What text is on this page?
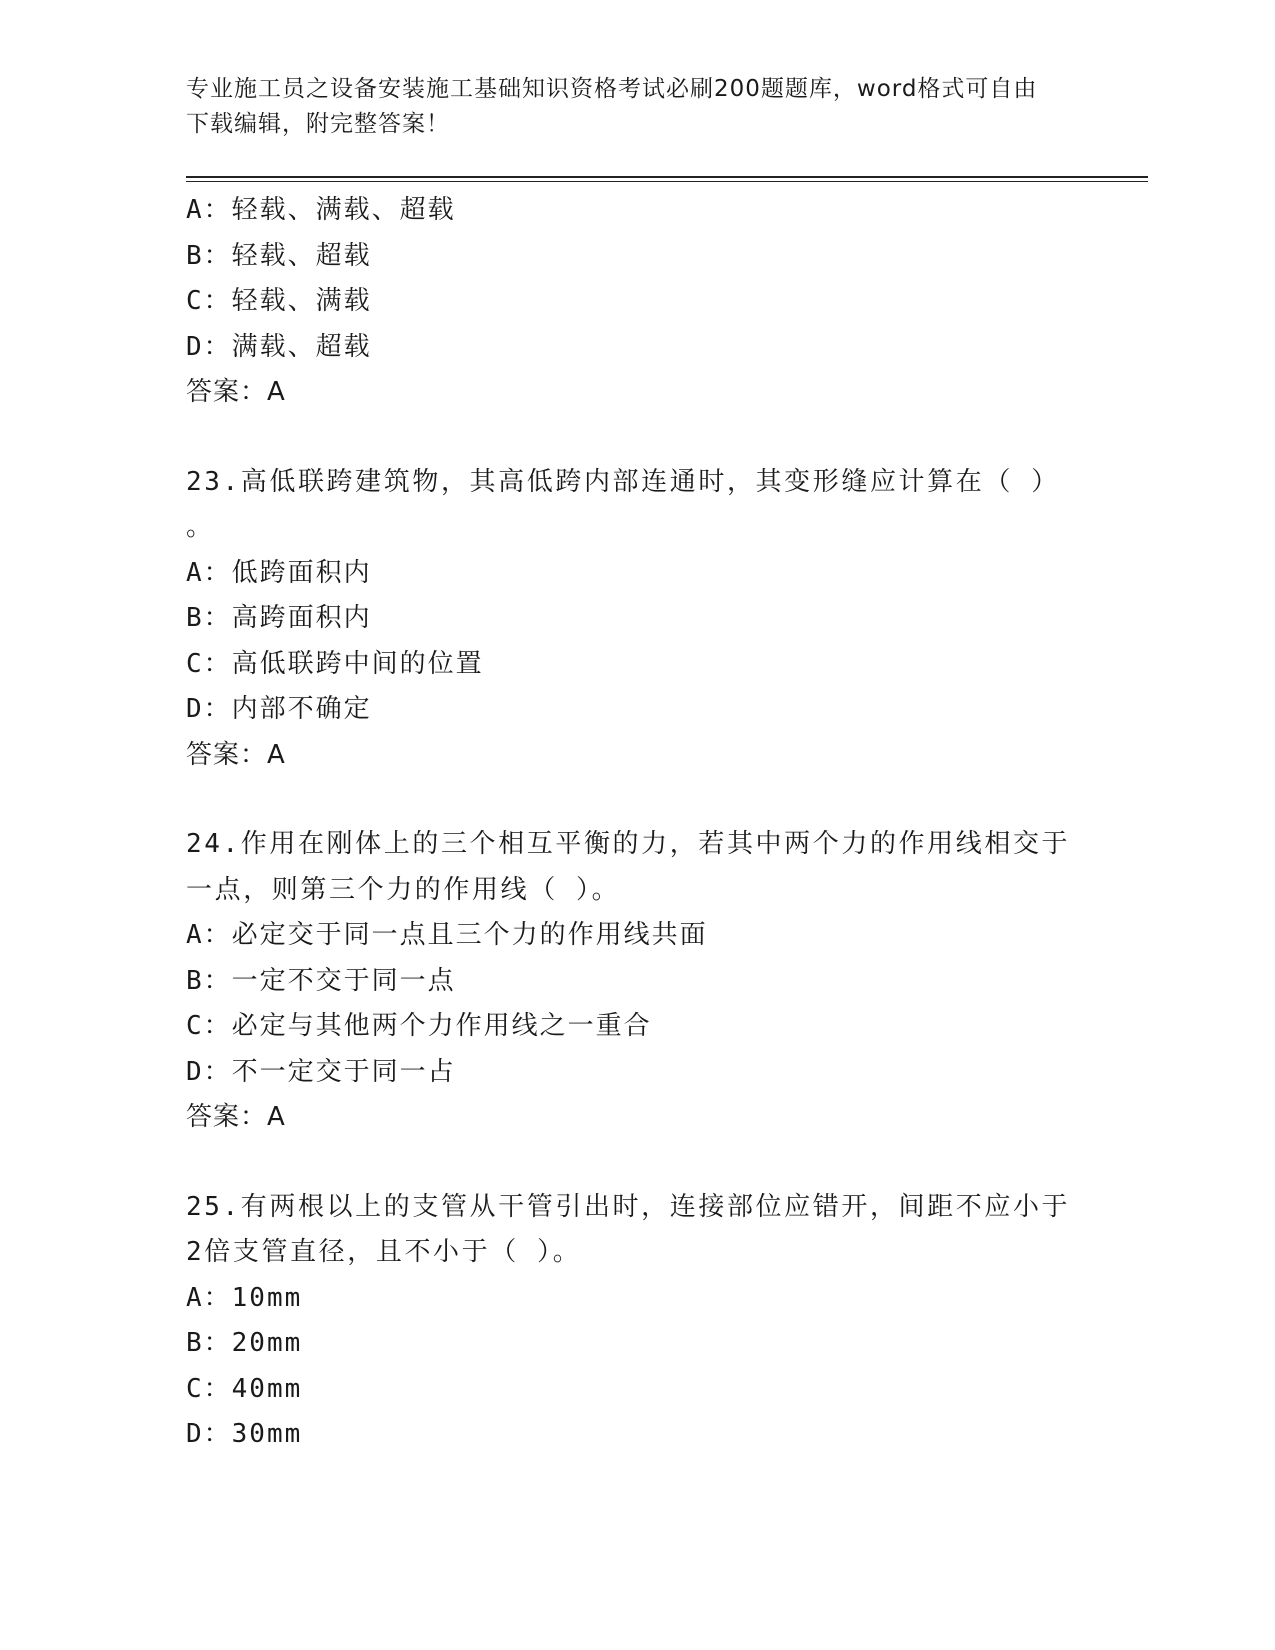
专业施工员之设备安装施工基础知识资格考试必刷200题题库，word格式可自由
下载编辑，附完整答案！
A：轻载、满载、超载
B：轻载、超载
C：轻载、满载
D：满载、超载
答案：A
23.高低联跨建筑物，其高低跨内部连通时，其变形缝应计算在（ ）
。
A：低跨面积内
B：高跨面积内
C：高低联跨中间的位置
D：内部不确定
答案：A
24.作用在刚体上的三个相互平衡的力，若其中两个力的作用线相交于
一点，则第三个力的作用线（ ）。
A：必定交于同一点且三个力的作用线共面
B：一定不交于同一点
C：必定与其他两个力作用线之一重合
D：不一定交于同一占
答案：A
25.有两根以上的支管从干管引出时，连接部位应错开，间距不应小于
2倍支管直径，且不小于（ ）。
A：10mm
B：20mm
C：40mm
D：30mm
